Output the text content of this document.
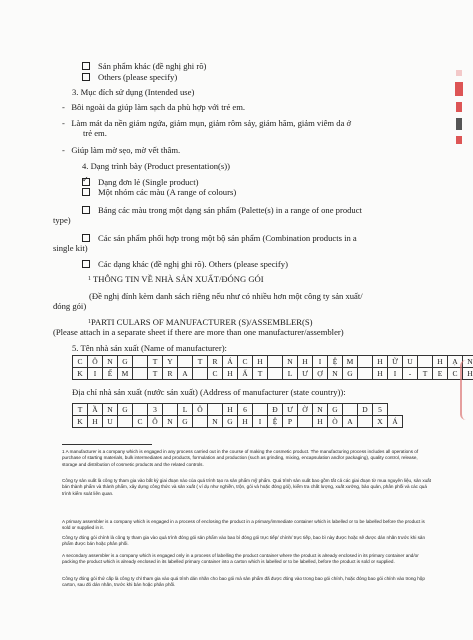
Sản phẩm khác (đề nghị ghi rõ)
Others (please specify)
3. Mục đích sử dụng (Intended use)
-   Bôi ngoài da giúp làm sạch da phù hợp với trẻ em.
-   Làm mát da nền giảm ngứa, giảm mụn, giảm rôm sảy, giảm hăm, giảm viêm da ở
trẻ em.
-   Giúp làm mờ sẹo, mờ vết thâm.
4. Dạng trình bày (Product presentation(s))
✓Dạng đơn lẻ (Single product)
Một nhóm các màu (A range of colours)
Bảng các màu trong một dạng sản phẩm (Palette(s) in a range of one product
type)
Các sản phẩm phối hợp trong một bộ sản phẩm (Combination products in a
single kit)
Các dạng khác (đề nghị ghi rõ). Others (please specify)
$^1$ THÔNG TIN VỀ NHÀ SẢN XUẤT/ĐÓNG GÓI
(Đề nghị đính kèm danh sách riêng nếu như có nhiều hơn một công ty sản xuất/
đóng gói)
$^1$PARTI CULARS OF MANUFACTURER (S)/ASSEMBLER(S)
(Please attach in a separate sheet if there are more than one manufacturer/assembler)
5. Tên nhà sản xuất (Name of manufacturer):
C	Ô	N	G	T	Y	T	R	Á	C	H	N	H	I	Ệ	M	H	Ữ	U	H	Ạ	N
K	I	Ể	M	T	R	A	C	H	Ấ	T	L	Ư	Ợ	N	G	H	I	-	T	E	C	H
Địa chỉ nhà sản xuất (nước sản xuất) (Address of manufacturer (state country)):
T	Ầ	N	G	3	L	Ô	H	6	Đ	Ư	Ờ	N	G	D	5
K	H	U	C	Ô	N	G	N	G	H	I	Ệ	P	H	Ò	A	X	Á
1 A manufacturer is a company which is engaged in any process carried out in the course of making the cosmetic product. The manufacturing process includes all operations of purchase of starting materials, bulk intermediates and products, formulation and production (such as grinding, mixing, encapsulation and/or packaging), quality control, release, storage and distribution of cosmetic products and the related controls.
Công ty sản xuất là công ty tham gia vào bất kỳ giai đoạn nào của quá trình tạo ra sản phẩm mỹ phẩm. Quá trình sản xuất bao gồm tất cả các giai đoạn từ mua nguyên liệu, sản xuất bán thành phẩm và thành phẩm, xây dựng công thức và sản xuất ( ví dụ như nghiền, trộn, gói và hoặc đóng gói), kiểm tra chất lượng, xuất xưởng, bảo quản, phân phối và các quá trình kiểm soát liên quan.
A primary assembler is a company which is engaged in a process of enclosing the product in a primary/immediate container which is labelled or to be labelled before the product is sold or supplied in it.
Công ty đóng gói chính là công ty tham gia vào quá trình đóng gói sản phẩm vào bao bì đóng gói trực tiếp/ chính/ trực tiếp, bao bì này được hoặc sẽ được dán nhãn trước khi sản phẩm được bán hoặc phân phối.
A secondary assembler is a company which is engaged only in a process of labelling the product container where the product is already enclosed in its primary container and/or packing the product which is already enclosed in its labelled primary container into a carton which is labelled or to be labelled, before the product is sold or supplied.
Công ty đóng gói thứ cấp là công ty chỉ tham gia vào quá trình dán nhãn cho bao gói mà sản phẩm đã được đóng vào trong bao gói chính, hoặc đóng bao gói chính vào trong hộp carton, sau đó dán nhãn, trước khi bán hoặc phân phối.
